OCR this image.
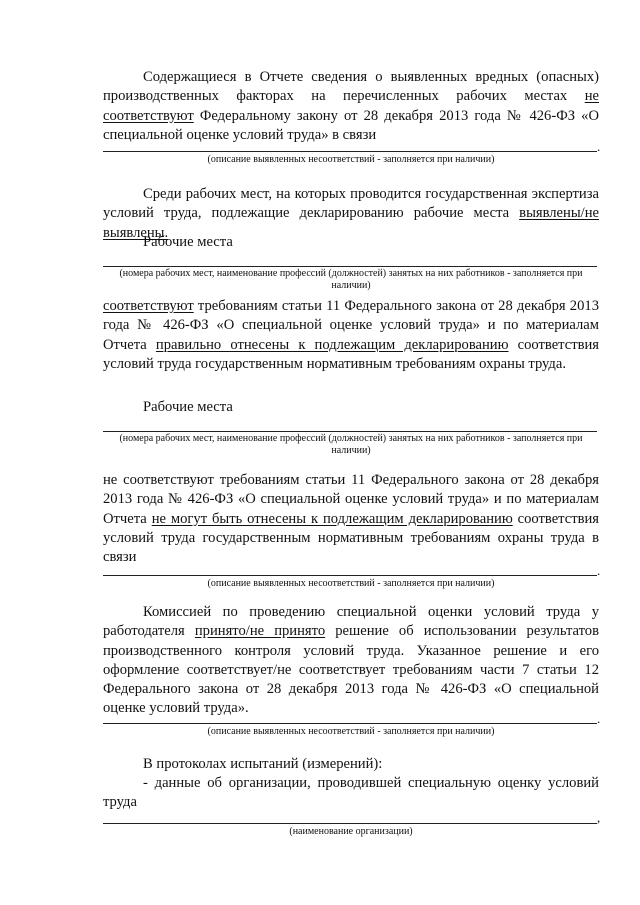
Содержащиеся в Отчете сведения о выявленных вредных (опасных) производственных факторах на перечисленных рабочих местах не соответствуют Федеральному закону от 28 декабря 2013 года № 426-ФЗ «О специальной оценке условий труда» в связи

.

(описание выявленных несоответствий - заполняется при наличии)

Среди рабочих мест, на которых проводится государственная экспертиза условий труда, подлежащие декларированию рабочие места выявлены/не выявлены.

Рабочие места

(номера рабочих мест, наименование профессий (должностей) занятых на них работников - заполняется при наличии)

соответствуют требованиям статьи 11 Федерального закона от 28 декабря 2013 года № 426-ФЗ «О специальной оценке условий труда» и по материалам Отчета правильно отнесены к подлежащим декларированию соответствия условий труда государственным нормативным требованиям охраны труда.

Рабочие места

(номера рабочих мест, наименование профессий (должностей) занятых на них работников - заполняется при наличии)

не соответствуют требованиям статьи 11 Федерального закона от 28 декабря 2013 года № 426-ФЗ «О специальной оценке условий труда» и по материалам Отчета не могут быть отнесены к подлежащим декларированию соответствия условий труда государственным нормативным требованиям охраны труда в связи

.

(описание выявленных несоответствий - заполняется при наличии)

Комиссией по проведению специальной оценки условий труда у работодателя принято/не принято решение об использовании результатов производственного контроля условий труда. Указанное решение и его оформление соответствует/не соответствует требованиям части 7 статьи 12 Федерального закона от 28 декабря 2013 года № 426-ФЗ «О специальной оценке условий труда».

.

(описание выявленных несоответствий - заполняется при наличии)

В протоколах испытаний (измерений):

- данные об организации, проводившей специальную оценку условий труда

,

(наименование организации)
